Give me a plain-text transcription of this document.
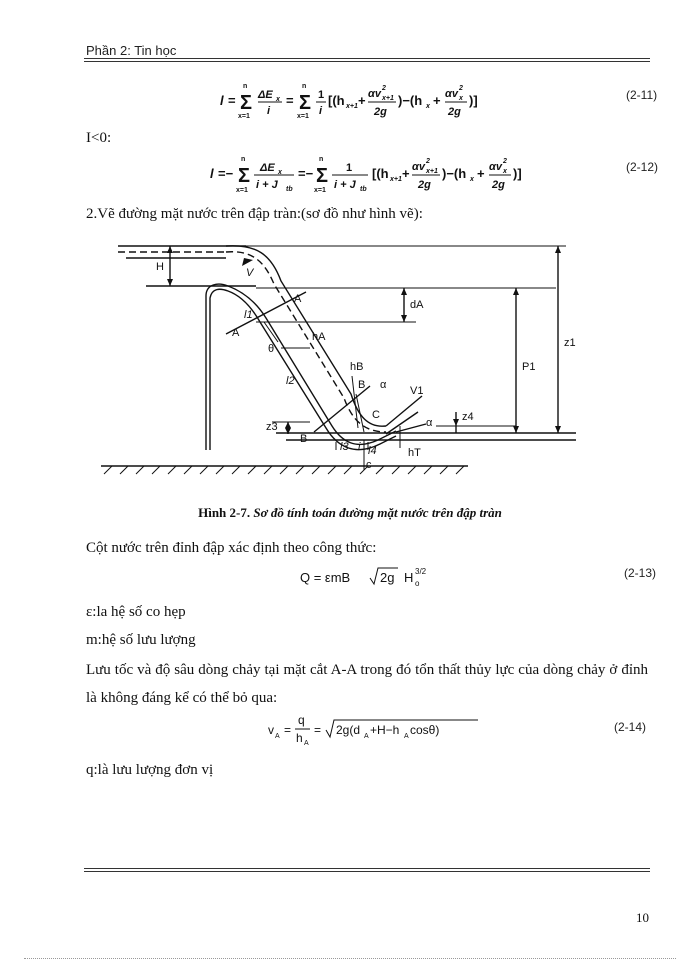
Phần 2: Tin học
l = Σ
n
x=1
ΔE x
i
= Σ
n
x=1
1
i
[(h x+1 + αv 2
x+1
2g
)−(h x + αv 2
x
2g
)]	(2-11)
I<0:
l =− Σ
n
x=1
ΔE x
i + J tb
=− Σ
n
x=1
1
i + J tb
[(h x+1 + αv 2
x+1
2g
)−(h x + αv 2
x
2g
)]	(2-12)
2.Vẽ đường mặt nước trên đập tràn:(sơ đồ như hình vẽ):
H	V
dA
A
A
l1
hA
θ
l2
hB
B
B
α V1
C
α	z4
z3
l3 l4
i	hT
P1
z1
c
Hình 2-7. Sơ đồ tính toán đường mặt nước trên đập tràn
Cột nước trên đỉnh đập xác định theo công thức:
Q = εmB 2g H o
3/2	(2-13)
ε:la hệ số co hẹp
m:hệ số lưu lượng
Lưu tốc và độ sâu dòng chảy tại mặt cắt A-A trong đó tổn thất thủy lực của dòng chảy ở đỉnh là không đáng kể có thể bỏ qua:
v A =
q
h A
= 2g(d A +H−h A cosθ)	(2-14)
q:là lưu lượng đơn vị
10
